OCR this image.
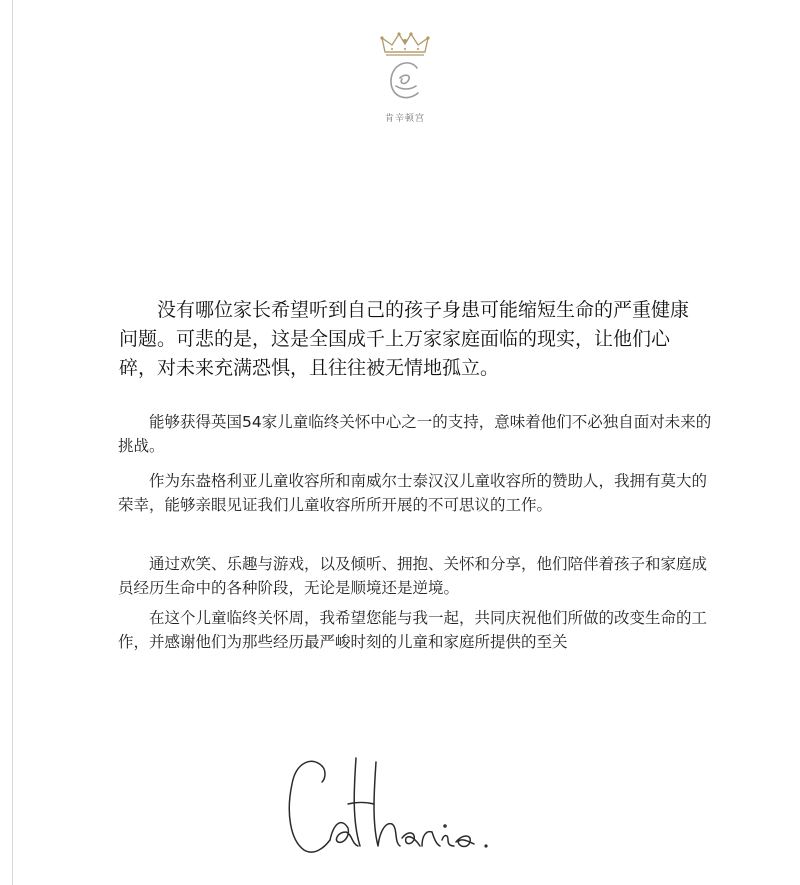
肯辛顿宫

没有哪位家长希望听到自己的孩子身患可能缩短生命的严重健康问题。可悲的是，这是全国成千上万家家庭面临的现实，让他们心碎，对未来充满恐惧，且往往被无情地孤立。

能够获得英国54家儿童临终关怀中心之一的支持，意味着他们不必独自面对未来的挑战。

作为东盎格利亚儿童收容所和南威尔士泰汉汉儿童收容所的赞助人，我拥有莫大的荣幸，能够亲眼见证我们儿童收容所所开展的不可思议的工作。

通过欢笑、乐趣与游戏，以及倾听、拥抱、关怀和分享，他们陪伴着孩子和家庭成员经历生命中的各种阶段，无论是顺境还是逆境。

在这个儿童临终关怀周，我希望您能与我一起，共同庆祝他们所做的改变生命的工作，并感谢他们为那些经历最严峻时刻的儿童和家庭所提供的至关
